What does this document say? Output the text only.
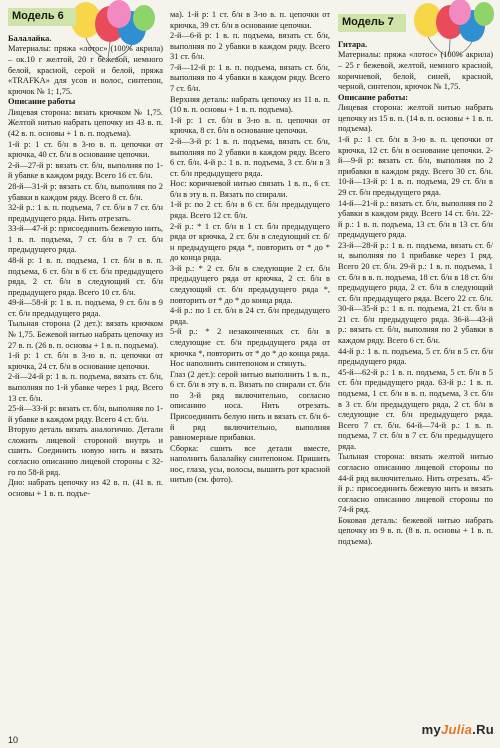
Модель 6

Балалайка.

Материалы: пряжа «лотос» (100% акрила) – ок.10 г желтой, 20 г бежевой, немного белой, красной, серой и белой, пряжа «TRAFKA» для усов и волос, синтепон, крючок № 1; 1,75.

Описание работы

Лицевая сторона: вязать крючком № 1,75. Желтой нитью набрать цепочку из 43 в. п. (42 в. п. основы + 1 в. п. подъема).

1-й р: 1 ст. б/н в 3-ю в. п. цепочки от крючка, 40 ст. б/н в основание цепочки.

2-й—27-й р: вязать ст. б/н, выполняя по 1-й убавке в каждом ряду. Всего 16 ст. б/н.

28-й—31-й р: вязать ст. б/н, выполняя по 2 убавки в каждом ряду. Всего 8 ст. б/н.

32-й р.: 1 в. п. подъема, 7 ст. б/н в 7 ст. б/н предыдущего ряда. Нить отрезать.

33-й—47-й р: присоединить бежевую нить, 1 в. п. подъема, 7 ст. б/н в 7 ст. б/н предыдущего ряда.

48-й р: 1 в. п. подъема, 1 ст. б/н в в. п. подъема, 6 ст. б/н в 6 ст. б/н предыдущего ряда, 2 ст. б/н в следующий ст. б/н предыдущего ряда. Всего 10 ст. б/н.

49-й—58-й р: 1 в. п. подъема, 9 ст. б/н в 9 ст. б/н предыдущего ряда.

Тыльная сторона (2 дет.): вязать крючком № 1,75. Бежевой нитью набрать цепочку из 27 в. п. (26 в. п. основы + 1 в. п. подъема).

1-й р: 1 ст. б/н в 3-ю в. п. цепочки от крючка, 24 ст. б/н в основание цепочки.

2-й—24-й р: 1 в. п. подъема, вязать ст. б/н, выполняя по 1-й убавке через 1 ряд. Всего 13 ст. б/н.

25-й—33-й р: вязать ст. б/н, выполняя по 1-й убавке в каждом ряду. Всего 4 ст. б/н.

Вторую деталь вязать аналогично. Детали сложить лицевой стороной внутрь и сшить. Соединить новую нить и вязать согласно описанию лицевой стороны с 32-го по 58-й ряд.

Дно: набрать цепочку из 42 в. п. (41 в. п. основы + 1 в. п. подъе-

ма). 1-й р: 1 ст. б/н в 3-ю в. п. цепочки от крючка, 39 ст. б/н в основание цепочки.

2-й—6-й р: 1 в. п. подъема, вязать ст. б/н, выполняя по 2 убавки в каждом ряду. Всего 31 ст. б/н.

7-й—12-й р: 1 в. п. подъема, вязать ст. б/н, выполняя по 4 убавки в каждом ряду. Всего 7 ст. б/н.

Верхняя деталь: набрать цепочку из 11 в. п. (10 в. п. основы + 1 в. п. подъема).

1-й р: 1 ст. б/н в 3-ю в. п. цепочки от крючка, 8 ст. б/н в основание цепочки.

2-й—3-й р: 1 в. п. подъема, вязать ст. б/н, выполняя по 2 убавки в каждом ряду. Всего 6 ст. б/н. 4-й р.: 1 в. п. подъема, 3 ст. б/н в 3 ст. б/н предыдущего ряда.

Нос: коричневой нитью связать 1 в. п., 6 ст. б/н в эту в. п. Вязать по спирали.

1-й р: по 2 ст. б/н в 6 ст. б/н предыдущего ряда. Всего 12 ст. б/н.

2-й р.: * 1 ст. б/н в 1 ст. б/н предыдущего ряда от крючка, 2 ст. б/н в следующий ст. б/н предыдущего ряда *, повторить от * до * до конца ряда.

3-й р.: * 2 ст. б/н в следующие 2 ст. б/н предыдущего ряда от крючка, 2 ст. б/н в следующий ст. б/н предыдущего ряда *, повторить от * до * до конца ряда.

4-й р.: по 1 ст. б/н в 24 ст. б/н предыдущего ряда.

5-й р.: * 2 незаконченных ст. б/н в следующие ст. б/н предыдущего ряда от крючка *, повторить от * до * до конца ряда. Нос наполнить синтепоном и стянуть.

Глаз (2 дет.): серой нитью выполнить 1 в. п., 6 ст. б/н в эту в. п. Вязать по спирали ст. б/н по 3-й ряд включительно, согласно описанию носа. Нить отрезать. Присоединить белую нить и вязать ст. б/н 6-й ряд включительно, выполняя равномерные прибавки.

Сборка: сшить все детали вместе, наполнить балалайку синтепоном. Пришить нос, глаза, усы, волосы, вышить рот красной нитью (см. фото).

Модель 7

Гитара.

Материалы: пряжа «лотос» (100% акрила) – 25 г бежевой, желтой, немного красной, коричневой, белой, синей, красной, черной, синтепон, крючок № 1,75.

Описание работы:

Лицевая сторона: желтой нитью набрать цепочку из 15 в. п. (14 в. п. основы + 1 в. п. подъема).

1-й р.: 1 ст. б/н в 3-ю в. п. цепочки от крючка, 12 ст. б/н в основание цепочки. 2-й—9-й р: вязать ст. б/н, выполняя по 2 прибавки в каждом ряду. Всего 30 ст. б/н. 10-й—13-й р: 1 в. п. подъема, 29 ст. б/н в 29 ст. б/н предыдущего ряда.

14-й—21-й р.: вязать ст. б/н, выполняя по 2 убавки в каждом ряду. Всего 14 ст. б/н. 22-й р.: 1 в. п. подъема, 13 ст. б/н в 13 ст. б/н предыдущего ряда.

23-й—28-й р.: 1 в. п. подъема, вязать ст. б/н, выполняя по 1 прибавке через 1 ряд. Всего 20 ст. б/н. 29-й р.: 1 в. п. подъема, 1 ст. б/н в в. п. подъема, 18 ст. б/н в 18 ст. б/н предыдущего ряда, 2 ст. б/н в следующий ст. б/н предыдущего ряда. Всего 22 ст. б/н. 30-й—35-й р.: 1 в. п. подъема, 21 ст. б/н в 21 ст. б/н предыдущего ряда. 36-й—43-й р.: вязать ст. б/н, выполняя по 2 убавки в каждом ряду. Всего 6 ст. б/н.

44-й р.: 1 в. п. подъема, 5 ст. б/н в 5 ст. б/н предыдущего ряда.

45-й—62-й р.: 1 в. п. подъема, 5 ст. б/н в 5 ст. б/н предыдущего ряда. 63-й р.: 1 в. п. подъема, 1 ст. б/н в в. п. подъема, 3 ст. б/н в 3 ст. б/н предыдущего ряда, 2 ст. б/н в следующие ст. б/н предыдущего ряда. Всего 7 ст. б/н. 64-й—74-й р.: 1 в. п. подъема, 7 ст. б/н в 7 ст. б/н предыдущего ряда.

Тыльная сторона: вязать желтой нитью согласно описанию лицевой стороны по 44-й ряд включительно. Нить отрезать. 45-й р.: присоединить бежевую нить и вязать согласно описанию лицевой стороны по 74-й ряд.

Боковая деталь: бежевой нитью набрать цепочку из 9 в. п. (8 в. п. основы + 1 в. п. подъема).

10
myJulia.Ru
